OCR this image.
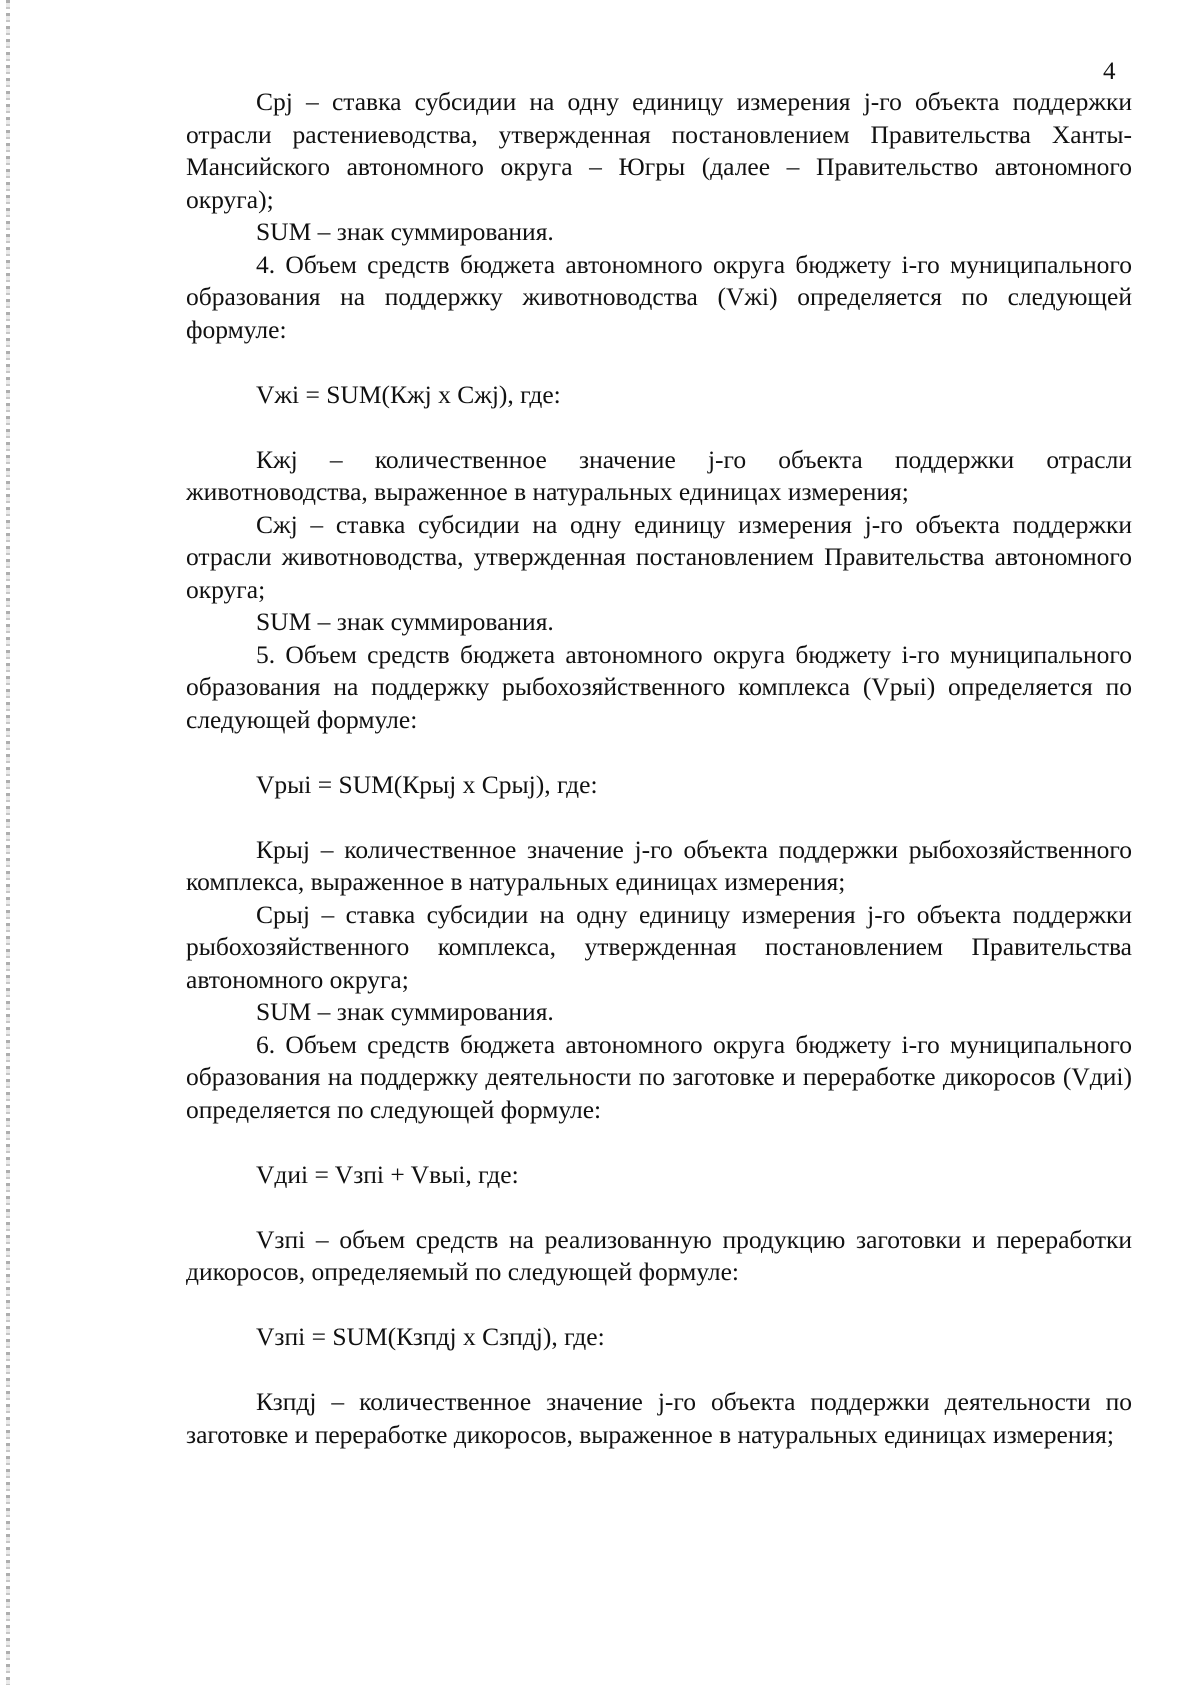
4

Срj – ставка субсидии на одну единицу измерения j-го объекта поддержки отрасли растениеводства, утвержденная постановлением Правительства Ханты-Мансийского автономного округа – Югры (далее – Правительство автономного округа);

SUM – знак суммирования.

4. Объем средств бюджета автономного округа бюджету i-го муниципального образования на поддержку животноводства (Vжi) определяется по следующей формуле:

Vжi = SUM(Кжj x Сжj), где:

Кжj – количественное значение j-го объекта поддержки отрасли животноводства, выраженное в натуральных единицах измерения;

Сжj – ставка субсидии на одну единицу измерения j-го объекта поддержки отрасли животноводства, утвержденная постановлением Правительства автономного округа;

SUM – знак суммирования.

5. Объем средств бюджета автономного округа бюджету i-го муниципального образования на поддержку рыбохозяйственного комплекса (Vрыi) определяется по следующей формуле:

Vрыi = SUM(Крыj x Срыj), где:

Крыj – количественное значение j-го объекта поддержки рыбохозяйственного комплекса, выраженное в натуральных единицах измерения;

Срыj – ставка субсидии на одну единицу измерения j-го объекта поддержки рыбохозяйственного комплекса, утвержденная постановлением Правительства автономного округа;

SUM – знак суммирования.

6. Объем средств бюджета автономного округа бюджету i-го муниципального образования на поддержку деятельности по заготовке и переработке дикоросов (Vдиi) определяется по следующей формуле:

Vдиi = Vзпi + Vвыi, где:

Vзпi – объем средств на реализованную продукцию заготовки и переработки дикоросов, определяемый по следующей формуле:

Vзпi = SUM(Кзпдj x Сзпдj), где:

Кзпдj – количественное значение j-го объекта поддержки деятельности по заготовке и переработке дикоросов, выраженное в натуральных единицах измерения;
